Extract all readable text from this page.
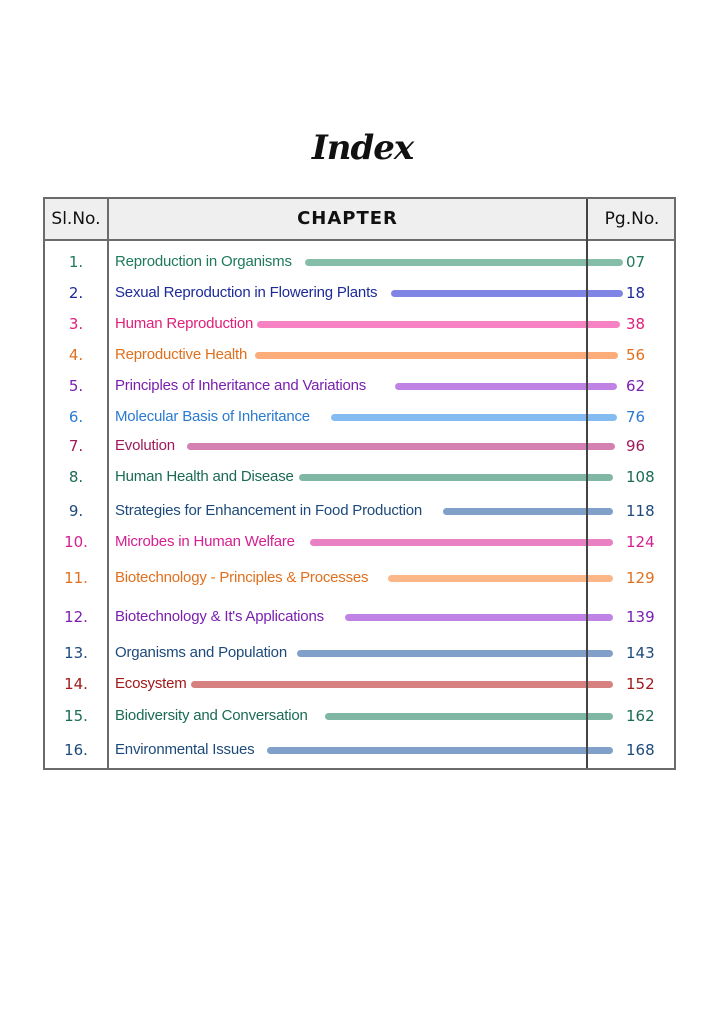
Index
Sl.No.	CHAPTER	Pg.No.
1.	Reproduction in Organisms	07
2.	Sexual Reproduction in Flowering Plants	18
3.	Human Reproduction	38
4.	Reproductive Health	56
5.	Principles of Inheritance and Variations	62
6.	Molecular Basis of Inheritance	76
7.	Evolution	96
8.	Human Health and Disease	108
9.	Strategies for Enhancement in Food Production	118
10.	Microbes in Human Welfare	124
11.	Biotechnology - Principles & Processes	129
12.	Biotechnology & It's Applications	139
13.	Organisms and Population	143
14.	Ecosystem	152
15.	Biodiversity and Conversation	162
16.	Environmental Issues	168
